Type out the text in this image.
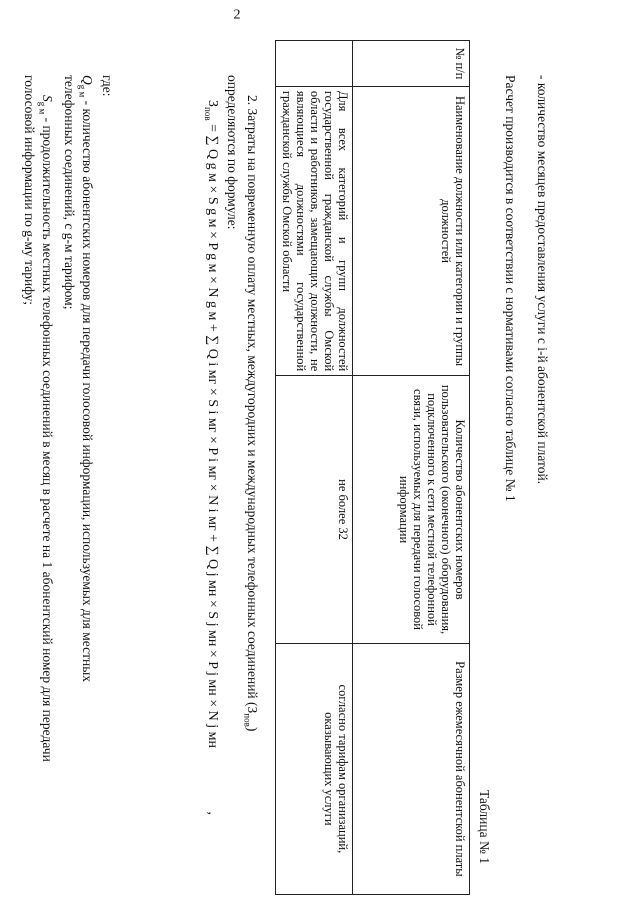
2
- количество месяцев предоставления услуги с i-й абонентской платой.
Расчет производится в соответствии с нормативами согласно таблице № 1
Таблица № 1
№ п/п	Наименование должности или категории и группы должностей	Количество абонентских номеров пользовательского (оконечного) оборудования, подключенного к сети местной телефонной связи, используемых для передачи голосовой информации	Размер ежемесячной абонентской платы
	Для всех категорий и групп должностей государственной гражданской службы Омской области и работников, замещающих должности, не являющиеся должностями государственной гражданской службы Омской области	не более 32	согласно тарифам организаций, оказывающих услуги
2. Затраты на повременную оплату местных, междугородних и международных телефонных соединений $(З_{пов})$
определяются по формуле:
$З_{пов}$ = ∑ Q g м × S g м × P g м × N g м + ∑ Q i мг × S i мг × P i мг × N i мг + ∑ Q j мн × S j мн × P j мн × N j мн ,
где:
$Q_{g м}$ - количество абонентских номеров для передачи голосовой информации, используемых для местных
телефонных соединений, с g-м тарифом;
$S_{g м}$ - продолжительность местных телефонных соединений в месяц в расчете на 1 абонентский номер для передачи
голосовой информации по g-му тарифу;
